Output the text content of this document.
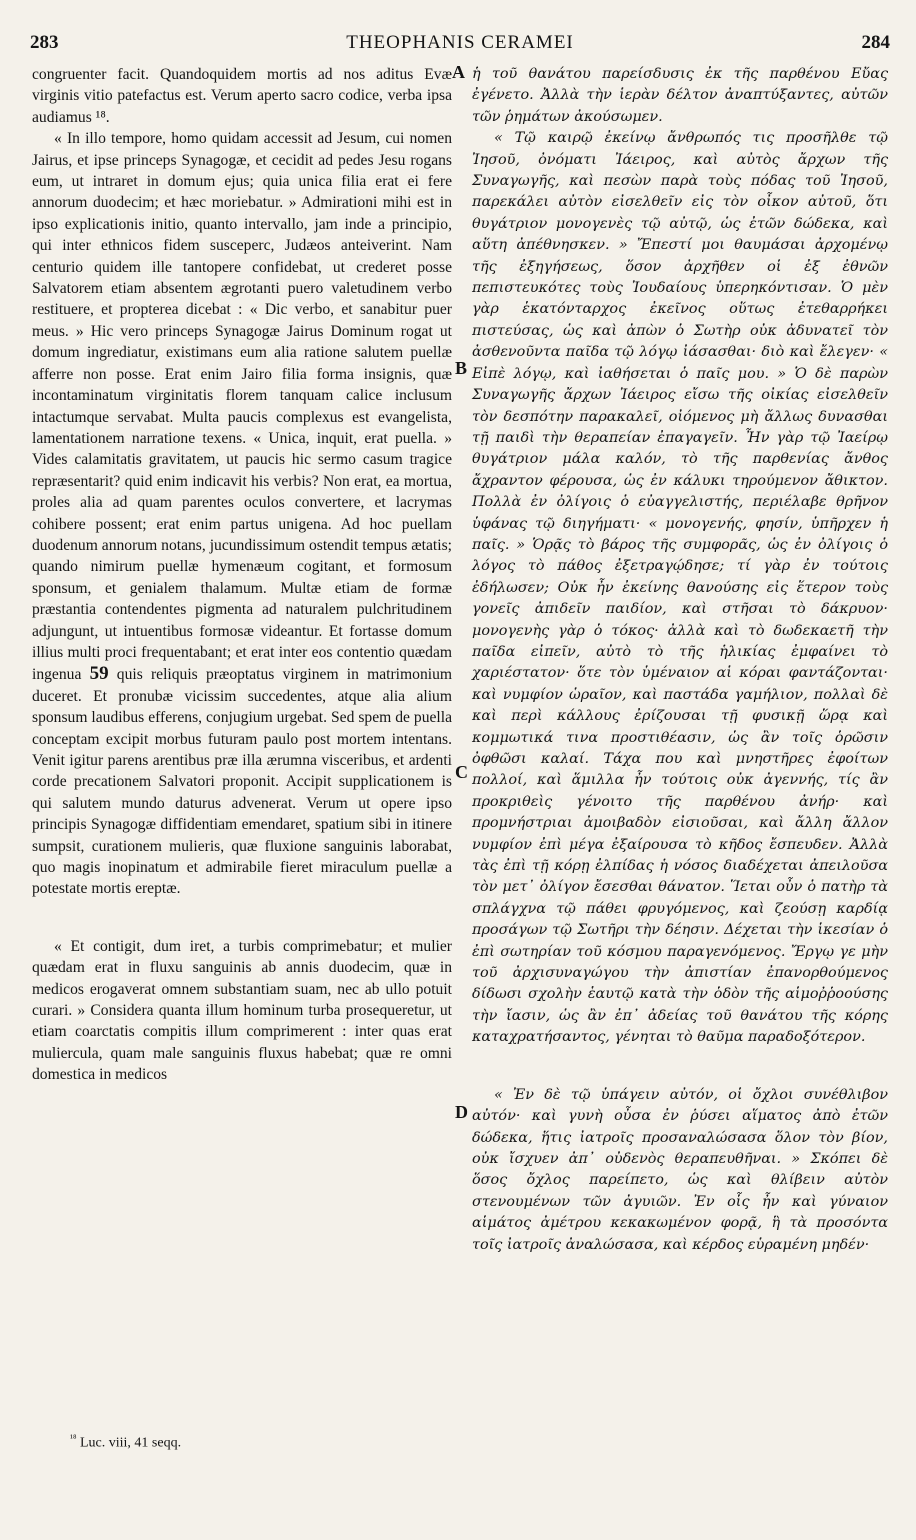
283	THEOPHANIS CERAMEI	284

congruenter facit. Quandoquidem mortis ad nos aditus Evæ virginis vitio patefactus est. Verum aperto sacro codice, verba ipsa audiamus ¹⁸.

« In illo tempore, homo quidam accessit ad Jesum, cui nomen Jairus, et ipse princeps Synagogæ, et cecidit ad pedes Jesu rogans eum, ut intraret in domum ejus; quia unica filia erat ei fere annorum duodecim; et hæc moriebatur. » Admirationi mihi est in ipso explicationis initio, quanto intervallo, jam inde a principio, qui inter ethnicos fidem susceperc, Judæos anteiverint. Nam centurio quidem ille tantopere confidebat, ut crederet posse Salvatorem etiam absentem ægrotanti puero valetudinem verbo restituere, et propterea dicebat : « Dic verbo, et sanabitur puer meus. » Hic vero princeps Synagogæ Jairus Dominum rogat ut domum ingrediatur, existimans eum alia ratione salutem puellæ afferre non posse. Erat enim Jairo filia forma insignis, quæ incontaminatum virginitatis florem tanquam calice inclusum intactumque servabat. Multa paucis complexus est evangelista, lamentationem narratione texens. « Unica, inquit, erat puella. » Vides calamitatis gravitatem, ut paucis hic sermo casum tragice repræsentarit? quid enim indicavit his verbis? Non erat, ea mortua, proles alia ad quam parentes oculos convertere, et lacrymas cohibere possent; erat enim partus unigena. Ad hoc puellam duodenum annorum notans, jucundissimum ostendit tempus ætatis; quando nimirum puellæ hymenæum cogitant, et formosum sponsum, et genialem thalamum. Multæ etiam de formæ præstantia contendentes pigmenta ad naturalem pulchritudinem adjungunt, ut intuentibus formosæ videantur. Et fortasse domum illius multi proci frequentabant; et erat inter eos contentio quædam ingenua 59 quis reliquis præoptatus virginem in matrimonium duceret. Et pronubæ vicissim succedentes, atque alia alium sponsum laudibus efferens, conjugium urgebat. Sed spem de puella conceptam excipit morbus futuram paulo post mortem intentans. Venit igitur parens arentibus præ illa ærumna visceribus, et ardenti corde precationem Salvatori proponit. Accipit supplicationem is qui salutem mundo daturus advenerat. Verum ut opere ipso principis Synagogæ diffidentiam emendaret, spatium sibi in itinere sumpsit, curationem mulieris, quæ fluxione sanguinis laborabat, quo magis inopinatum et admirabile fieret miraculum puellæ a potestate mortis ereptæ.

« Et contigit, dum iret, a turbis comprimebatur; et mulier quædam erat in fluxu sanguinis ab annis duodecim, quæ in medicos erogaverat omnem substantiam suam, nec ab ullo potuit curari. » Considera quanta illum hominum turba prosequeretur, ut etiam coarctatis compitis illum comprimerent : inter quas erat muliercula, quam male sanguinis fluxus habebat; quæ re omni domestica in medicos

A
B
C
D

ἡ τοῦ θανάτου παρείσδυσις ἐκ τῆς παρθένου Εὔας ἐγένετο. Ἀλλὰ τὴν ἱερὰν δέλτον ἀναπτύξαντες, αὐτῶν τῶν ῥημάτων ἀκούσωμεν.

« Τῷ καιρῷ ἐκείνῳ ἄνθρωπός τις προσῆλθε τῷ Ἰησοῦ, ὀνόματι Ἰάειρος, καὶ αὐτὸς ἄρχων τῆς Συναγωγῆς, καὶ πεσὼν παρὰ τοὺς πόδας τοῦ Ἰησοῦ, παρεκάλει αὐτὸν εἰσελθεῖν εἰς τὸν οἶκον αὐτοῦ, ὅτι θυγάτριον μονογενὲς τῷ αὐτῷ, ὡς ἐτῶν δώδεκα, καὶ αὕτη ἀπέθνησκεν. » Ἔπεστί μοι θαυμάσαι ἀρχομένῳ τῆς ἐξηγήσεως, ὅσον ἀρχῆθεν οἱ ἐξ ἐθνῶν πεπιστευκότες τοὺς Ἰουδαίους ὑπερηκόντισαν. Ὁ μὲν γὰρ ἑκατόνταρχος ἐκεῖνος οὕτως ἐτεθαρρήκει πιστεύσας, ὡς καὶ ἀπὼν ὁ Σωτὴρ οὐκ ἀδυνατεῖ τὸν ἀσθενοῦντα παῖδα τῷ λόγῳ ἰάσασθαι· διὸ καὶ ἔλεγεν· « Εἰπὲ λόγῳ, καὶ ἰαθήσεται ὁ παῖς μου. » Ὁ δὲ παρὼν Συναγωγῆς ἄρχων Ἰάειρος εἴσω τῆς οἰκίας εἰσελθεῖν τὸν δεσπότην παρακαλεῖ, οἰόμενος μὴ ἄλλως δυνασθαι τῇ παιδὶ τὴν θεραπείαν ἐπαγαγεῖν. Ἦν γὰρ τῷ Ἰαείρῳ θυγάτριον μάλα καλόν, τὸ τῆς παρθενίας ἄνθος ἄχραντον φέρουσα, ὡς ἐν κάλυκι τηρούμενον ἄθικτον. Πολλὰ ἐν ὀλίγοις ὁ εὐαγγελιστής, περιέλαβε θρῆνον ὑφάνας τῷ διηγήματι· « μονογενής, φησίν, ὑπῆρχεν ἡ παῖς. » Ὁρᾷς τὸ βάρος τῆς συμφορᾶς, ὡς ἐν ὀλίγοις ὁ λόγος τὸ πάθος ἐξετραγῴδησε; τί γὰρ ἐν τούτοις ἐδήλωσεν; Οὐκ ἦν ἐκείνης θανούσης εἰς ἕτερον τοὺς γονεῖς ἀπιδεῖν παιδίον, καὶ στῆσαι τὸ δάκρυον· μονογενὴς γὰρ ὁ τόκος· ἀλλὰ καὶ τὸ δωδεκαετῆ τὴν παῖδα εἰπεῖν, αὐτὸ τὸ τῆς ἡλικίας ἐμφαίνει τὸ χαριέστατον· ὅτε τὸν ὑμέναιον αἱ κόραι φαντάζονται· καὶ νυμφίον ὡραῖον, καὶ παστάδα γαμήλιον, πολλαὶ δὲ καὶ περὶ κάλλους ἐρίζουσαι τῇ φυσικῇ ὥρᾳ καὶ κομμωτικά τινα προστιθέασιν, ὡς ἂν τοῖς ὁρῶσιν ὀφθῶσι καλαί. Τάχα που καὶ μνηστῆρες ἐφοίτων πολλοί, καὶ ἅμιλλα ἦν τούτοις οὐκ ἀγεννής, τίς ἂν προκριθεὶς γένοιτο τῆς παρθένου ἀνήρ· καὶ προμνήστριαι ἀμοιβαδὸν εἰσιοῦσαι, καὶ ἄλλη ἄλλον νυμφίον ἐπὶ μέγα ἐξαίρουσα τὸ κῆδος ἔσπευδεν. Ἀλλὰ τὰς ἐπὶ τῇ κόρῃ ἐλπίδας ἡ νόσος διαδέχεται ἀπειλοῦσα τὸν μετ᾽ ὀλίγον ἔσεσθαι θάνατον. Ἵεται οὖν ὁ πατὴρ τὰ σπλάγχνα τῷ πάθει φρυγόμενος, καὶ ζεούσῃ καρδίᾳ προσάγων τῷ Σωτῆρι τὴν δέησιν. Δέχεται τὴν ἱκεσίαν ὁ ἐπὶ σωτηρίαν τοῦ κόσμου παραγενόμενος. Ἔργῳ γε μὴν τοῦ ἀρχισυναγώγου τὴν ἀπιστίαν ἐπανορθούμενος δίδωσι σχολὴν ἑαυτῷ κατὰ τὴν ὁδὸν τῆς αἱμοῤῥοούσης τὴν ἴασιν, ὡς ἂν ἐπ᾽ ἀδείας τοῦ θανάτου τῆς κόρης καταχρατήσαντος, γένηται τὸ θαῦμα παραδοξότερον.

« Ἐν δὲ τῷ ὑπάγειν αὐτόν, οἱ ὄχλοι συνέθλιβον αὐτόν· καὶ γυνὴ οὖσα ἐν ῥύσει αἵματος ἀπὸ ἐτῶν δώδεκα, ἥτις ἰατροῖς προσαναλώσασα ὅλον τὸν βίον, οὐκ ἴσχυεν ἀπ᾽ οὐδενὸς θεραπευθῆναι. » Σκόπει δὲ ὅσος ὄχλος παρείπετο, ὡς καὶ θλίβειν αὐτὸν στενουμένων τῶν ἀγυιῶν. Ἐν οἷς ἦν καὶ γύναιον αἱμάτος ἀμέτρου κεκακωμένον φορᾷ, ἣ τὰ προσόντα τοῖς ἰατροῖς ἀναλώσασα, καὶ κέρδος εὑραμένη μηδέν·

$^{^{18}}$ Luc. viii, 41 seqq.
